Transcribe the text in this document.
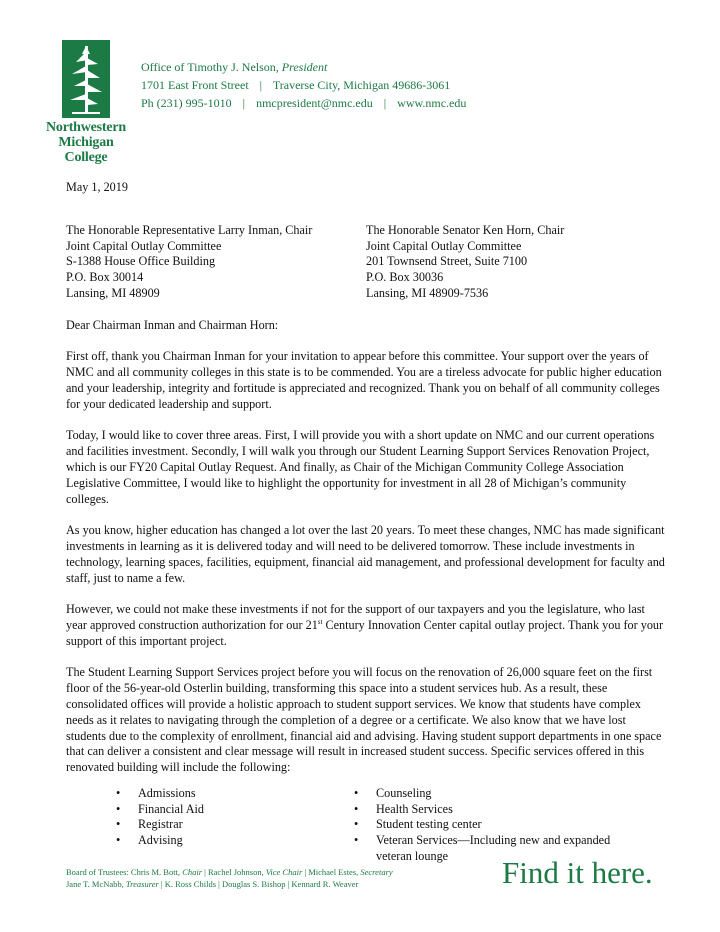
Northwestern
Michigan
College
Office of Timothy J. Nelson, President
1701 East Front Street | Traverse City, Michigan 49686-3061
Ph (231) 995-1010 | nmcpresident@nmc.edu | www.nmc.edu

May 1, 2019

The Honorable Representative Larry Inman, Chair
Joint Capital Outlay Committee
S-1388 House Office Building
P.O. Box 30014
Lansing, MI 48909
The Honorable Senator Ken Horn, Chair
Joint Capital Outlay Committee
201 Townsend Street, Suite 7100
P.O. Box 30036
Lansing, MI 48909-7536

Dear Chairman Inman and Chairman Horn:

First off, thank you Chairman Inman for your invitation to appear before this committee. Your support over the years of NMC and all community colleges in this state is to be commended. You are a tireless advocate for public higher education and your leadership, integrity and fortitude is appreciated and recognized. Thank you on behalf of all community colleges for your dedicated leadership and support.

Today, I would like to cover three areas. First, I will provide you with a short update on NMC and our current operations and facilities investment. Secondly, I will walk you through our Student Learning Support Services Renovation Project, which is our FY20 Capital Outlay Request. And finally, as Chair of the Michigan Community College Association Legislative Committee, I would like to highlight the opportunity for investment in all 28 of Michigan’s community colleges.

As you know, higher education has changed a lot over the last 20 years. To meet these changes, NMC has made significant investments in learning as it is delivered today and will need to be delivered tomorrow. These include investments in technology, learning spaces, facilities, equipment, financial aid management, and professional development for faculty and staff, just to name a few.

However, we could not make these investments if not for the support of our taxpayers and you the legislature, who last year approved construction authorization for our 21st Century Innovation Center capital outlay project. Thank you for your support of this important project.

The Student Learning Support Services project before you will focus on the renovation of 26,000 square feet on the first floor of the 56-year-old Osterlin building, transforming this space into a student services hub. As a result, these consolidated offices will provide a holistic approach to student support services. We know that students have complex needs as it relates to navigating through the completion of a degree or a certificate. We also know that we have lost students due to the complexity of enrollment, financial aid and advising. Having student support departments in one space that can deliver a consistent and clear message will result in increased student success. Specific services offered in this renovated building will include the following:

•	Admissions
•	Financial Aid
•	Registrar
•	Advising
•	Counseling
•	Health Services
•	Student testing center
•	Veteran Services—Including new and expanded veteran lounge
Board of Trustees: Chris M. Bott, Chair | Rachel Johnson, Vice Chair | Michael Estes, Secretary
Jane T. McNabb, Treasurer | K. Ross Childs | Douglas S. Bishop | Kennard R. Weaver	Find it here.
